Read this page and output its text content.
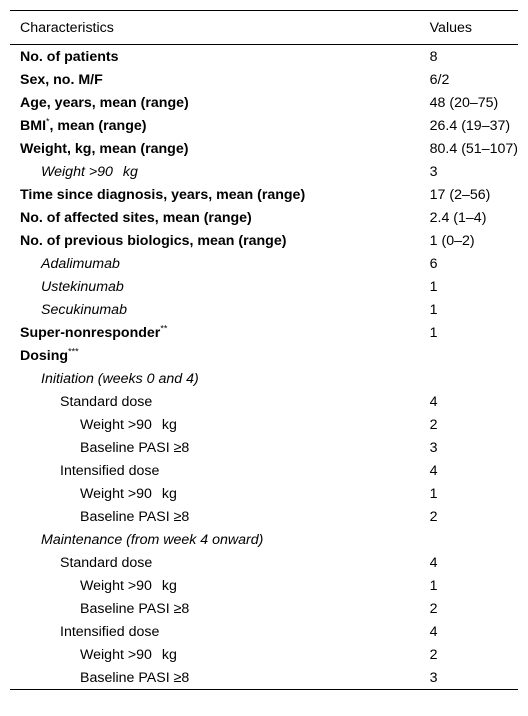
Characteristics	Values
No. of patients	8
Sex, no. M/F	6/2
Age, years, mean (range)	48 (20–75)
BMI*, mean (range)	26.4 (19–37)
Weight, kg, mean (range)	80.4 (51–107)
Weight >90 kg	3
Time since diagnosis, years, mean (range)	17 (2–56)
No. of affected sites, mean (range)	2.4 (1–4)
No. of previous biologics, mean (range)	1 (0–2)
Adalimumab	6
Ustekinumab	1
Secukinumab	1
Super-nonresponder**	1
Dosing***	
Initiation (weeks 0 and 4)	
Standard dose	4
Weight >90 kg	2
Baseline PASI ≥8	3
Intensified dose	4
Weight >90 kg	1
Baseline PASI ≥8	2
Maintenance (from week 4 onward)	
Standard dose	4
Weight >90 kg	1
Baseline PASI ≥8	2
Intensified dose	4
Weight >90 kg	2
Baseline PASI ≥8	3
